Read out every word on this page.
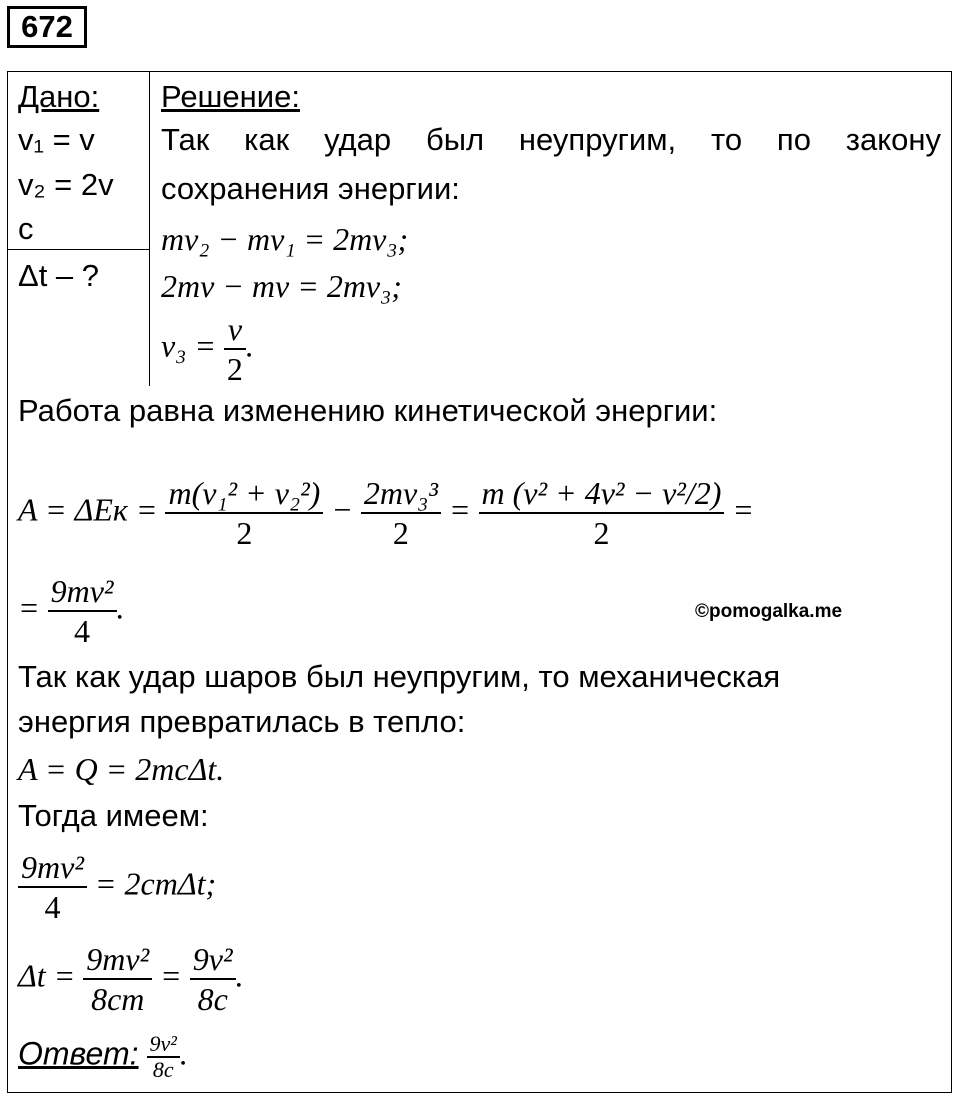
672
Дано:
v₁ = v
v₂ = 2v
c
Δt – ?
Решение:
Так как удар был неупругим, то по закону
сохранения энергии:
mv₂ − mv₁ = 2mv₃;
2mv − mv = 2mv₃;
$v_3 = \frac{v}{2}$ .
Работа равна изменению кинетической энергии:
$A = \Delta Eк = \frac{\text{m(v₁² + v₂²)}}{2} - \frac{\text{2mv₃³}}{2} = \frac{\text{m (v² + 4v² − v²/2)}}{2}$ =
= $\frac{\text{9mv²}}{4}$ .	©pomogalka.me
Так как удар шаров был неупругим, то механическая
энергия превратилась в тепло:
A = Q = 2mcΔt.
Тогда имеем:
$\frac{\text{9mv²}}{4} = 2cm\Delta t$;
$\Delta t = \frac{\text{9mv²}}{8cm} = \frac{\text{9v²}}{8c}$ .
Ответ: $\frac{\text{9v²}}{8c}$ .
